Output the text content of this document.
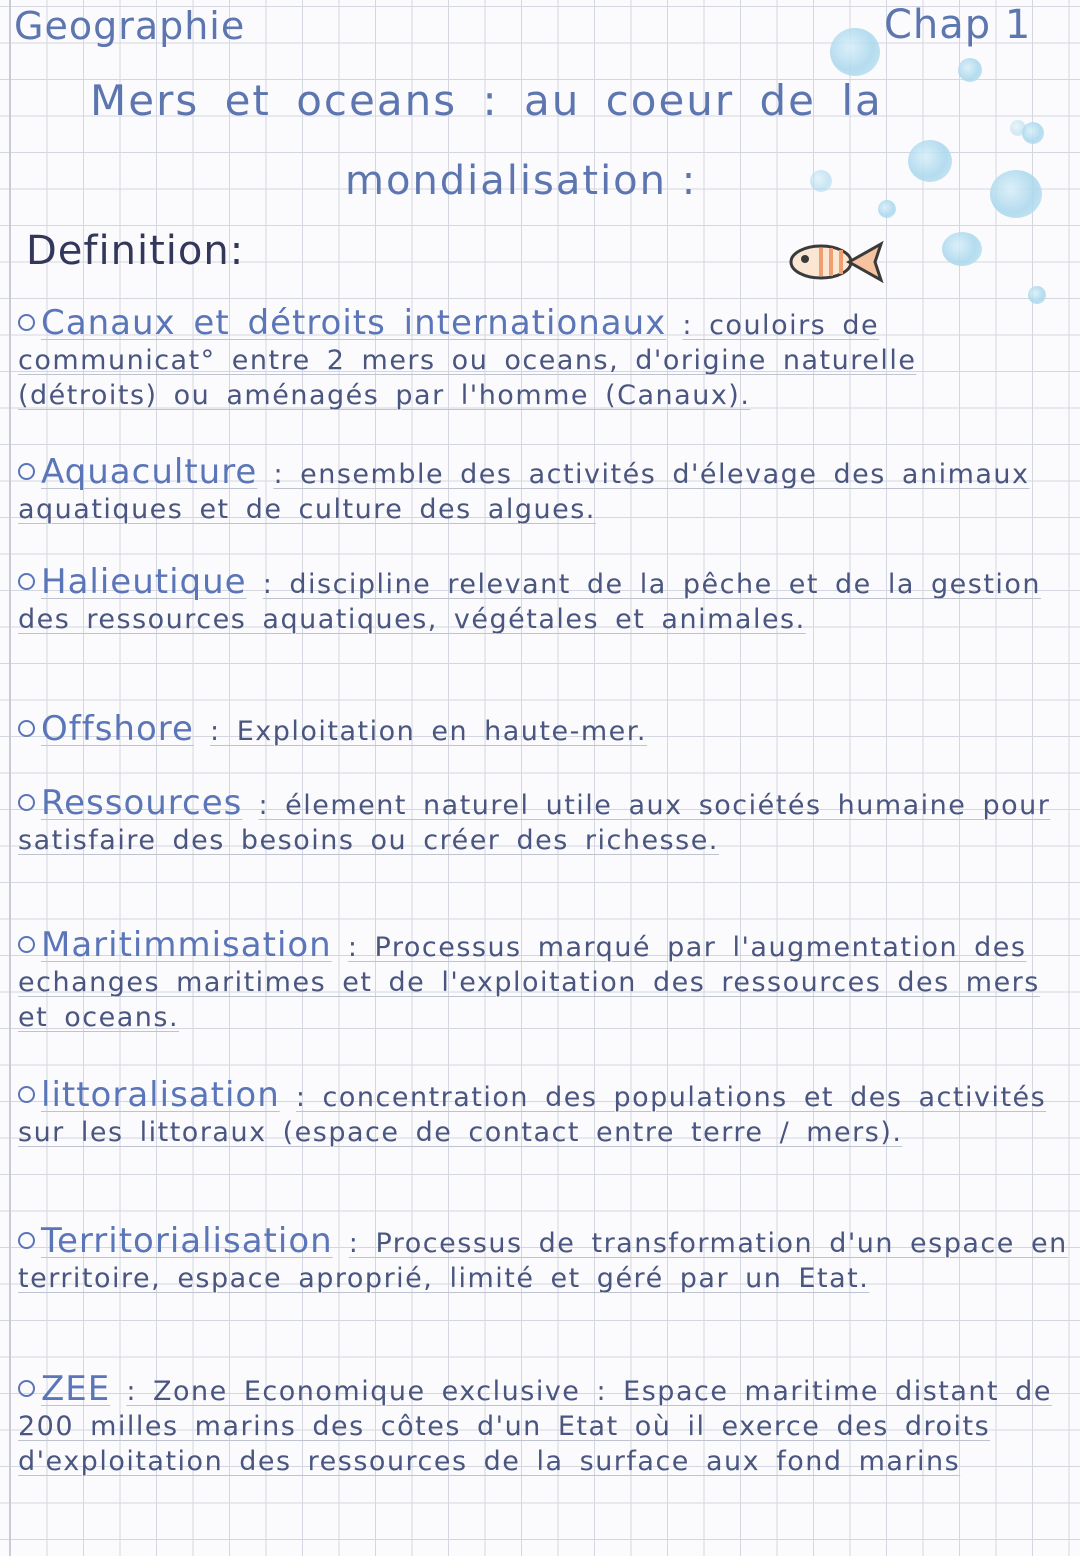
Geographie	Chap 1
Mers et oceans : au coeur de la
mondialisation :
Definition:
Canaux et détroits internationaux : couloirs de communicat° entre 2 mers ou oceans, d'origine naturelle (détroits) ou aménagés par l'homme (Canaux).
Aquaculture : ensemble des activités d'élevage des animaux aquatiques et de culture des algues.
Halieutique : discipline relevant de la pêche et de la gestion des ressources aquatiques, végétales et animales.
Offshore : Exploitation en haute-mer.
Ressources : élement naturel utile aux sociétés humaine pour satisfaire des besoins ou créer des richesse.
Maritimmisation : Processus marqué par l'augmentation des echanges maritimes et de l'exploitation des ressources des mers et oceans.
littoralisation : concentration des populations et des activités sur les littoraux (espace de contact entre terre / mers).
Territorialisation : Processus de transformation d'un espace en territoire, espace aproprié, limité et géré par un Etat.
ZEE : Zone Economique exclusive : Espace maritime distant de 200 milles marins des côtes d'un Etat où il exerce des droits d'exploitation des ressources de la surface aux fond marins
